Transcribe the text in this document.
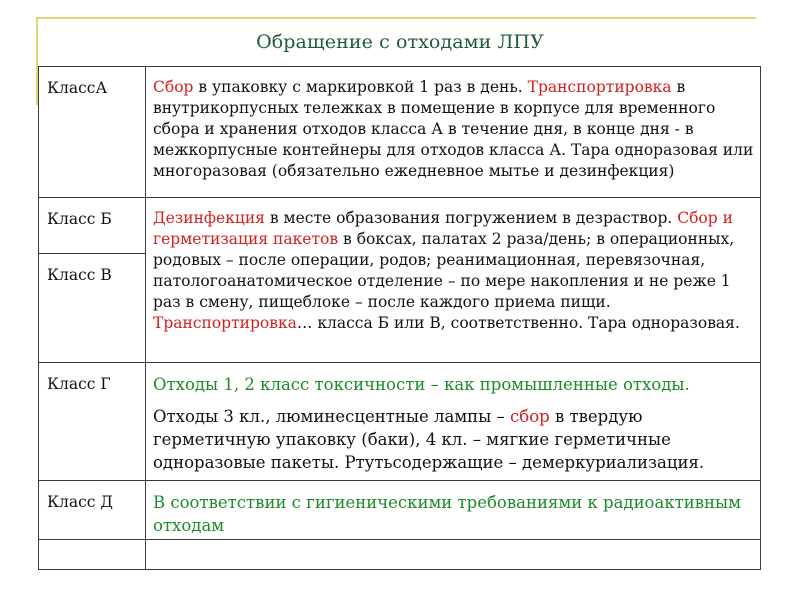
Обращение с отходами ЛПУ
КлассА	Сбор в упаковку с маркировкой 1 раз в день. Транспортировка в внутрикорпусных тележках в помещение в корпусе для временного сбора и хранения отходов класса А в течение дня, в конце дня - в межкорпусные контейнеры для отходов класса А. Тара одноразовая или многоразовая (обязательно ежедневное мытье и дезинфекция)
Класс Б	Дезинфекция в месте образования погружением в дезраствор. Сбор и герметизация пакетов в боксах, палатах 2 раза/день; в операционных, родовых – после операции, родов; реанимационная, перевязочная, патологоанатомическое отделение – по мере накопления и не реже 1 раз в смену, пищеблоке – после каждого приема пищи. Транспортировка… класса Б или В, соответственно. Тара одноразовая.
Класс В	
Класс Г	Отходы 1, 2 класс токсичности – как промышленные отходы.

Отходы 3 кл., люминесцентные лампы – сбор в твердую герметичную упаковку (баки), 4 кл. – мягкие герметичные одноразовые пакеты. Ртутьсодержащие – демеркуриализация.

Класс Д	В соответствии с гигиеническими требованиями к радиоактивным отходам
